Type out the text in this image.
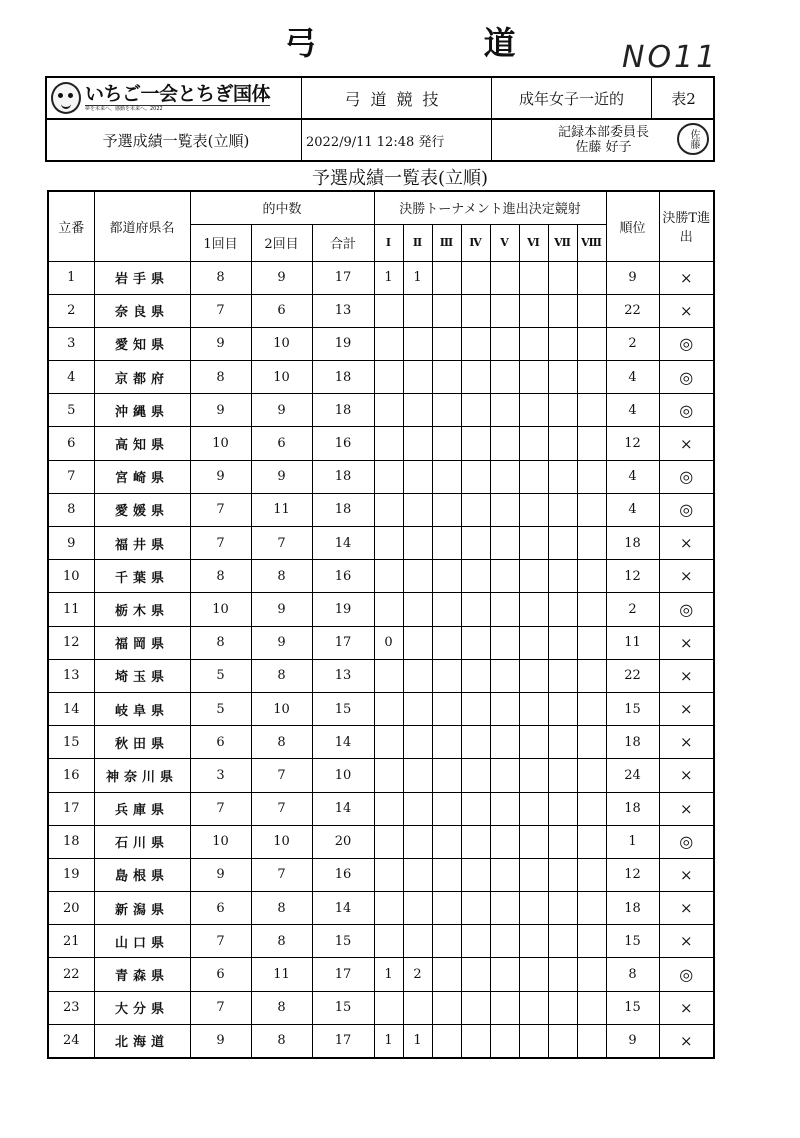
弓 道 NO11
いちご一会とちぎ国体
夢を未来へ、感動を未来へ。2022
弓道競技	成年女子一近的	表2
予選成績一覧表(立順)	2022/9/11 12:48 発行
記録本部委員長
佐藤 好子	佐藤
予選成績一覧表(立順)
立番	都道府県名	的中数			決勝トーナメント進出決定競射								順位	決勝T進出
		1回目	2回目	合計	Ⅰ	Ⅱ	Ⅲ	Ⅳ	Ⅴ	Ⅵ	Ⅶ	Ⅷ		
1	岩手県	8	9	17	1	1							9	×
2	奈良県	7	6	13									22	×
3	愛知県	9	10	19									2	◎
4	京都府	8	10	18									4	◎
5	沖縄県	9	9	18									4	◎
6	高知県	10	6	16									12	×
7	宮崎県	9	9	18									4	◎
8	愛媛県	7	11	18									4	◎
9	福井県	7	7	14									18	×
10	千葉県	8	8	16									12	×
11	栃木県	10	9	19									2	◎
12	福岡県	8	9	17	0								11	×
13	埼玉県	5	8	13									22	×
14	岐阜県	5	10	15									15	×
15	秋田県	6	8	14									18	×
16	神奈川県	3	7	10									24	×
17	兵庫県	7	7	14									18	×
18	石川県	10	10	20									1	◎
19	島根県	9	7	16									12	×
20	新潟県	6	8	14									18	×
21	山口県	7	8	15									15	×
22	青森県	6	11	17	1	2							8	◎
23	大分県	7	8	15									15	×
24	北海道	9	8	17	1	1							9	×
